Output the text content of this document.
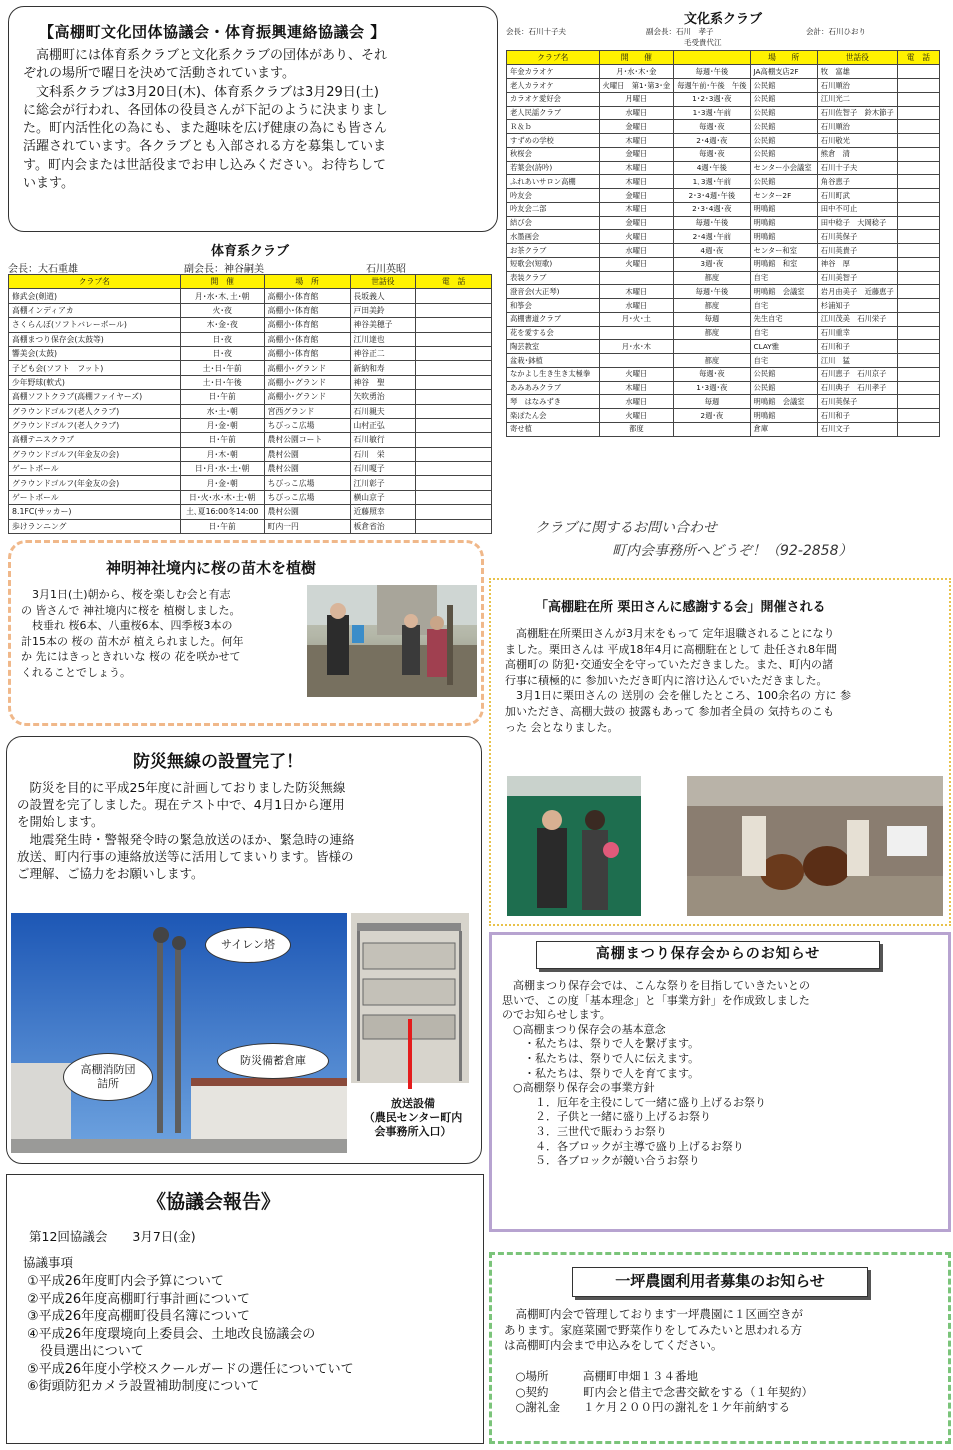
【高棚町文化団体協議会・体育振興連絡協議会 】
　高棚町には体育系クラブと文化系クラブの団体があり、それ
ぞれの場所で曜日を決めて活動されています。
　文科系クラブは3月20日(木)、体育系クラブは3月29日(土)
に総会が行われ、各団体の役員さんが下記のように決まりまし
た。町内活性化の為にも、また趣味を広げ健康の為にも皆さん
活躍されています。各クラブとも入部される方を募集していま
す。町内会または世話役までお申し込みください。お待ちして
います。
体育系クラブ
会長：大石重雄	副会長：神谷嗣美	石川英昭
クラブ名	開　催	場　所	世話役	電　話
修武会(剣道)	月･水･木､土･朝	高棚小･体育館	長坂義人	
高棚インディアカ	火･夜	高棚小･体育館	戸田美鈴	
さくらんぼ(ソフトバレーボール)	木･金･夜	高棚小･体育館	神谷美穂子	
高棚まつり保存会(太鼓等)	日･夜	高棚小･体育館	江川達也	
響美会(太鼓)	日･夜	高棚小･体育館	神谷正二	
子ども会(ソフト　フット)	土･日･午前	高棚小･グランド	新納和寿	
少年野球(軟式)	土･日･午後	高棚小･グランド	神谷　聖	
高棚ソフトクラブ(高棚ファイヤーズ)	日･午前	高棚小･グランド	矢吹勇治	
グラウンドゴルフ(老人クラブ)	水･土･朝	宮西グランド	石川親夫	
グラウンドゴルフ(老人クラブ)	月･金･朝	ちびっこ広場	山村正弘	
高棚テニスクラブ	日･午前	農村公園コート	石川敏行	
グラウンドゴルフ(年金友の会)	月･木･朝	農村公園	石川　栄	
ゲートボール	日･月･水･土･朝	農村公園	石川嗄子	
グラウンドゴルフ(年金友の会)	月･金･朝	ちびっこ広場	江川彰子	
ゲートボール	日･火･水･木･土･朝	ちびっこ広場	横山京子	
8.1FC(サッカー)	土､夏16:00冬14:00	農村公園	近藤照幸	
歩けランニング	日･午前	町内一円	板倉省治	
文化系クラブ
会長：石川十子夫	副会長：石川　孝子
毛受貴代江
会計：石川ひおり
クラブ名	開　　催		場　　所	世話役	電　話
年金カラオケ	月･水･木･金	毎週･午後	JA高棚支店2F	牧　富雄	
老人カラオケ	火曜日　第1･第3･金	毎週午前･午後　午後	公民館	石川順治	
カラオケ愛好会	月曜日	1･2･3週･夜	公民館	江川光二	
老人民謡クラブ	水曜日	1･3週･午前	公民館	石川佐智子　鈴木節子	
Ｒ＆ｂ	金曜日	毎週･夜	公民館	石川順治	
すずめの学校	木曜日	2･4週･夜	公民館	石川敬光	
秋桜会	金曜日	毎週･夜	公民館	熊倉　清	
若葉会(詩吟)	木曜日	4週･午後	センター小会議室	石川十子夫	
ふれあいサロン高棚	木曜日	1､3週･午前	公民館	角谷恵子	
吟友会	金曜日	2･3･4週･午後	センター2F	石川町武	
吟友会二部	木曜日	2･3･4週･夜	明鳴館	田中不可止	
結び会	金曜日	毎週･午後	明鳴館	田中稔子　大岡稔子	
水墨画会	火曜日	2･4週･午前	明鳴館	石川英保子	
お茶クラブ	水曜日	4週･夜	センター和室	石川英貴子	
短歌会(短歌)	火曜日	3週･夜	明鳴館　和室	神谷　厚	
表装クラブ		都度	自宅	石川美智子	
澄音会(大正琴)	木曜日	毎週･午後	明鳴館　会議室	岩月由美子　近藤恵子	
和筝会	水曜日	都度	自宅	杉浦知子	
高棚書道クラブ	月･火･土	毎週	先生自宅	江川茂美　石川栄子	
花を愛する会		都度	自宅	石川重幸	
陶芸教室	月･水･木		CLAY雅	石川和子	
盆栽･鉢植		都度	自宅	江川　猛	
なかよし生き生き太極拳	火曜日	毎週･夜	公民館	石川恵子　石川京子	
あみあみクラブ	木曜日	1･3週･夜	公民館	石川典子　石川孝子	
琴　はなみずき	水曜日	毎週	明鳴館　会議室	石川英保子	
楽ぽたん会	火曜日	2週･夜	明鳴館	石川和子	
寄せ植	都度		倉庫	石川文子	
クラブに関するお問い合わせ
町内会事務所へどうぞ！（92-2858）
神明神社境内に桜の苗木を植樹
　3月1日(土)朝から、桜を楽しむ会と有志
の 皆さんで 神社境内に桜を 植樹しました。
　枝垂れ 桜6本、八重桜6本、四季桜3本の
計15本の 桜の 苗木が 植えられました。何年
か 先にはきっときれいな 桜の 花を咲かせて
くれることでしょう。
「高棚駐在所 栗田さんに感謝する会」開催される
　高棚駐在所栗田さんが3月末をもって 定年退職されることになり
ました。栗田さんは 平成18年4月に高棚駐在として 赴任され8年間
高棚町の 防犯･交通安全を守っていただきました。また、町内の諸
行事に積極的に 参加いただき町内に溶け込んでいただきました。
　3月1日に栗田さんの 送別の 会を催したところ、100余名の 方に 参
加いただき、高棚大鼓の 披露もあって 参加者全員の 気持ちのこも
った 会となりました。
防災無線の設置完了！
　防災を目的に平成25年度に計画しておりました防災無線
の設置を完了しました。現在テスト中で、4月1日から運用
を開始します。
　地震発生時・警報発令時の緊急放送のほか、緊急時の連絡
放送、町内行事の連絡放送等に活用してまいります。皆様の
ご理解、ご協力をお願いします。
サイレン塔
高棚消防団
詰所
防災備蓄倉庫
放送設備
（農民センター町内
会事務所入口）
高棚まつり保存会からのお知らせ
　高棚まつり保存会では、こんな祭りを目指していきたいとの
思いで、この度「基本理念」と「事業方針」を作成致しました
のでお知らせします。
　○高棚まつり保存会の基本意念
　　・私たちは、祭りで人を繋げます。
　　・私たちは、祭りで人に伝えます。
　　・私たちは、祭りで人を育てます。
　○高棚祭り保存会の事業方針
　　　１．厄年を主役にして一緒に盛り上げるお祭り
　　　２．子供と一緒に盛り上げるお祭り
　　　３．三世代で賑わうお祭り
　　　４．各ブロックが主導で盛り上げるお祭り
　　　５．各ブロックが競い合うお祭り
《協議会報告》
第12回協議会　　3月7日(金)
協議事項
①平成26年度町内会予算について
②平成26年度高棚町行事計画について
③平成26年度高棚町役員名簿について
④平成26年度環境向上委員会、土地改良協議会の
　役員選出について
⑤平成26年度小学校スクールガードの選任についていて
⑥街頭防犯カメラ設置補助制度について
一坪農園利用者募集のお知らせ
　高棚町内会で管理しております一坪農園に１区画空きが
あります。家庭菜園で野菜作りをしてみたいと思われる方
は高棚町内会まで申込みをしてください。

　○場所　　　高棚町申畑１３４番地
　○契約　　　町内会と借主で念書交歓をする（１年契約）
　○謝礼金　　１ケ月２００円の謝礼を１ケ年前納する
